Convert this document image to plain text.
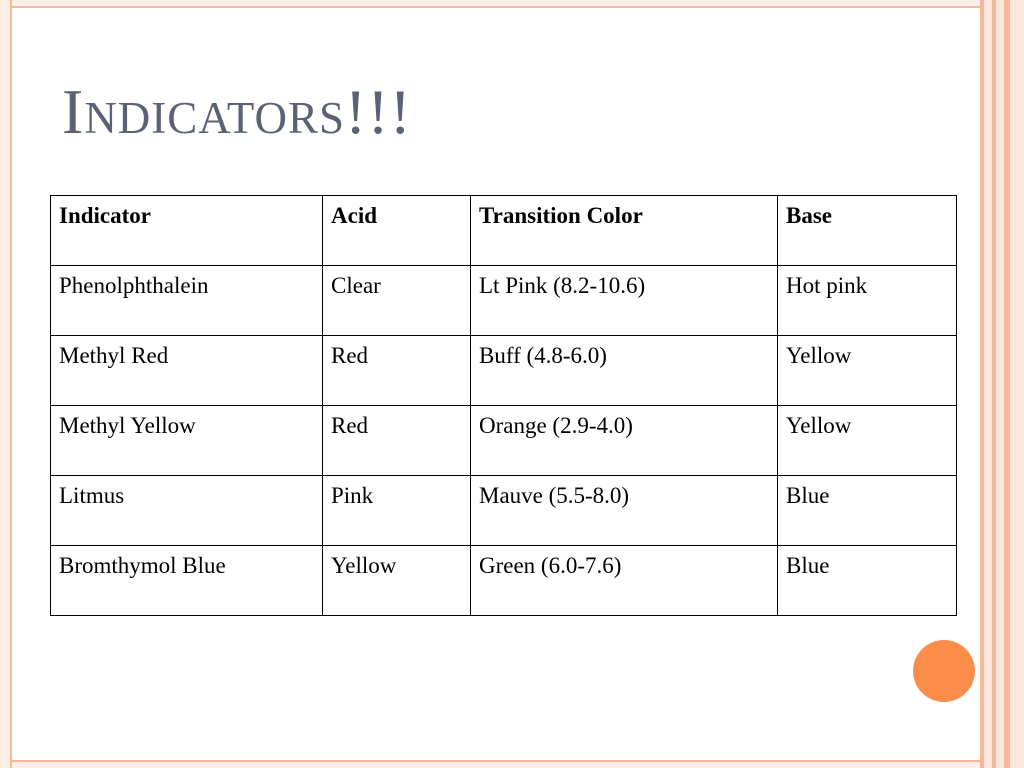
Indicators!!!
Indicator	Acid	Transition Color	Base
Phenolphthalein	Clear	Lt Pink (8.2-10.6)	Hot pink
Methyl Red	Red	Buff (4.8-6.0)	Yellow
Methyl Yellow	Red	Orange (2.9-4.0)	Yellow
Litmus	Pink	Mauve (5.5-8.0)	Blue
Bromthymol Blue	Yellow	Green (6.0-7.6)	Blue
